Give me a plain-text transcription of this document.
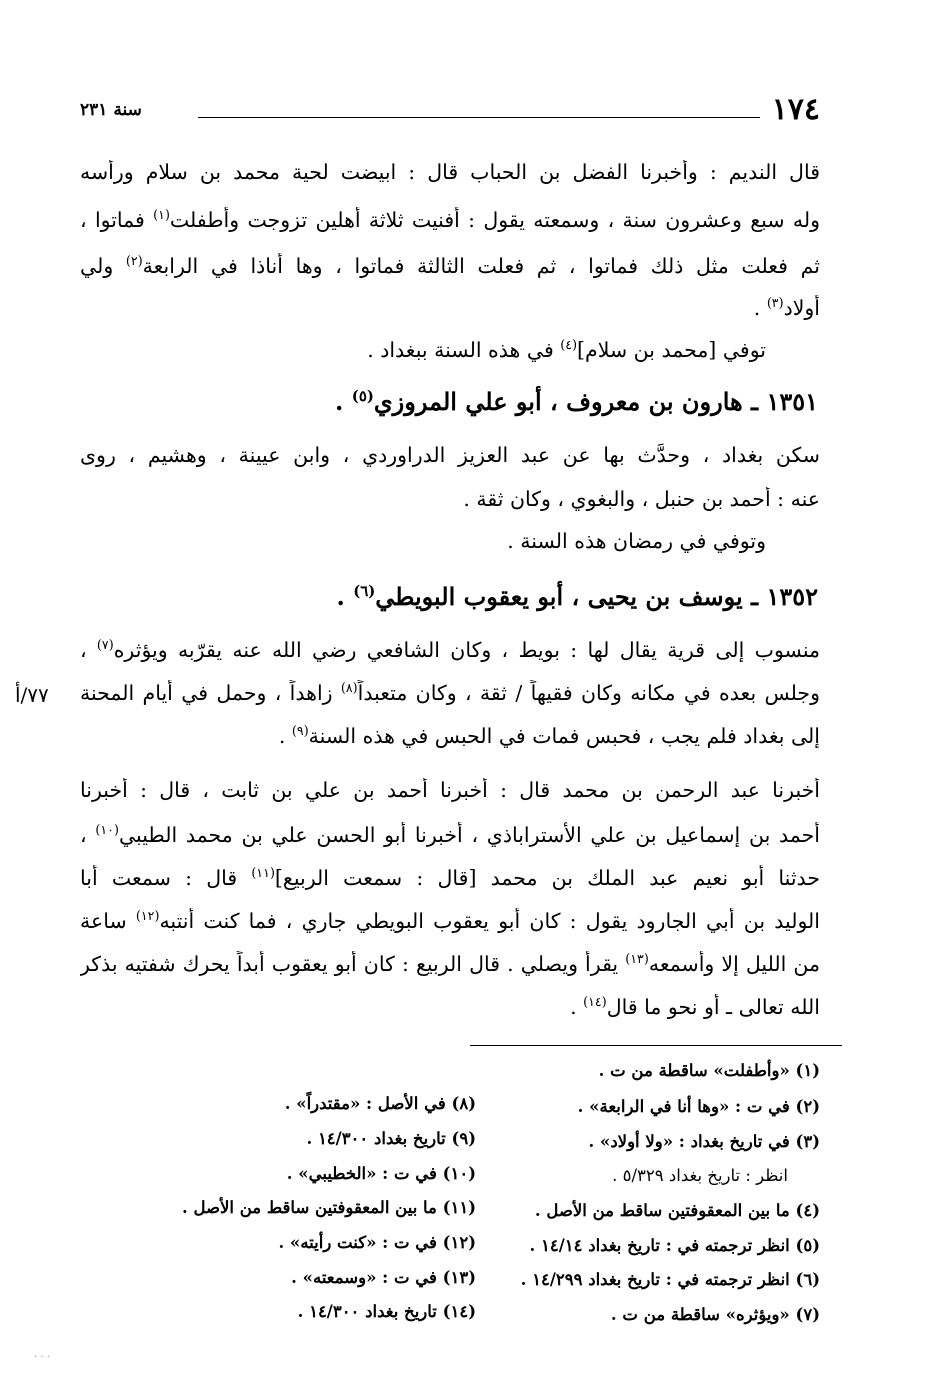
١٧٤
سنة ٢٣١
قال النديم : وأخبرنا الفضل بن الحباب قال : ابيضت لحية محمد بن سلام ورأسه
وله سبع وعشرون سنة ، وسمعته يقول : أفنيت ثلاثة أهلين تزوجت وأطفلت$^{(١)}$ فماتوا ،
ثم فعلت مثل ذلك فماتوا ، ثم فعلت الثالثة فماتوا ، وها أناذا في الرابعة$^{(٢)}$ ولي
أولاد$^{(٣)}$ .
توفي [محمد بن سلام]$^{(٤)}$ في هذه السنة ببغداد .
١٣٥١ ـ هارون بن معروف ، أبو علي المروزي$^{(٥)}$ .
سكن بغداد ، وحدَّث بها عن عبد العزيز الدراوردي ، وابن عيينة ، وهشيم ، روى
عنه : أحمد بن حنبل ، والبغوي ، وكان ثقة .
وتوفي في رمضان هذه السنة .
١٣٥٢ ـ يوسف بن يحيى ، أبو يعقوب البويطي$^{(٦)}$ .
منسوب إلى قرية يقال لها : بويط ، وكان الشافعي رضي الله عنه يقرّبه ويؤثره$^{(٧)}$ ،
وجلس بعده في مكانه وكان فقيهاً / ثقة ، وكان متعبداً$^{(٨)}$ زاهداً ، وحمل في أيام المحنة
٧٧/أ
إلى بغداد فلم يجب ، فحبس فمات في الحبس في هذه السنة$^{(٩)}$ .
أخبرنا عبد الرحمن بن محمد قال : أخبرنا أحمد بن علي بن ثابت ، قال : أخبرنا
أحمد بن إسماعيل بن علي الأستراباذي ، أخبرنا أبو الحسن علي بن محمد الطيبي$^{(١٠)}$ ،
حدثنا أبو نعيم عبد الملك بن محمد [قال : سمعت الربيع]$^{(١١)}$ قال : سمعت أبا
الوليد بن أبي الجارود يقول : كان أبو يعقوب البويطي جاري ، فما كنت أنتبه$^{(١٢)}$ ساعة
من الليل إلا وأسمعه$^{(١٣)}$ يقرأ ويصلي . قال الربيع : كان أبو يعقوب أبداً يحرك شفتيه بذكر
الله تعالى ـ أو نحو ما قال$^{(١٤)}$ .
(١) «وأطفلت» ساقطة من ت .
(٢) في ت : «وها أنا في الرابعة» .
(٣) في تاريخ بغداد : «ولا أولاد» .
انظر : تاريخ بغداد ٥/٣٢٩ .
(٤) ما بين المعقوفتين ساقط من الأصل .
(٥) انظر ترجمته في : تاريخ بغداد ١٤/١٤ .
(٦) انظر ترجمته في : تاريخ بغداد ١٤/٢٩٩ .
(٧) «ويؤثره» ساقطة من ت .
(٨) في الأصل : «مقتدراً» .
(٩) تاريخ بغداد ١٤/٣٠٠ .
(١٠) في ت : «الخطيبي» .
(١١) ما بين المعقوفتين ساقط من الأصل .
(١٢) في ت : «كنت رأيته» .
(١٣) في ت : «وسمعته» .
(١٤) تاريخ بغداد ١٤/٣٠٠ .
· · ·
